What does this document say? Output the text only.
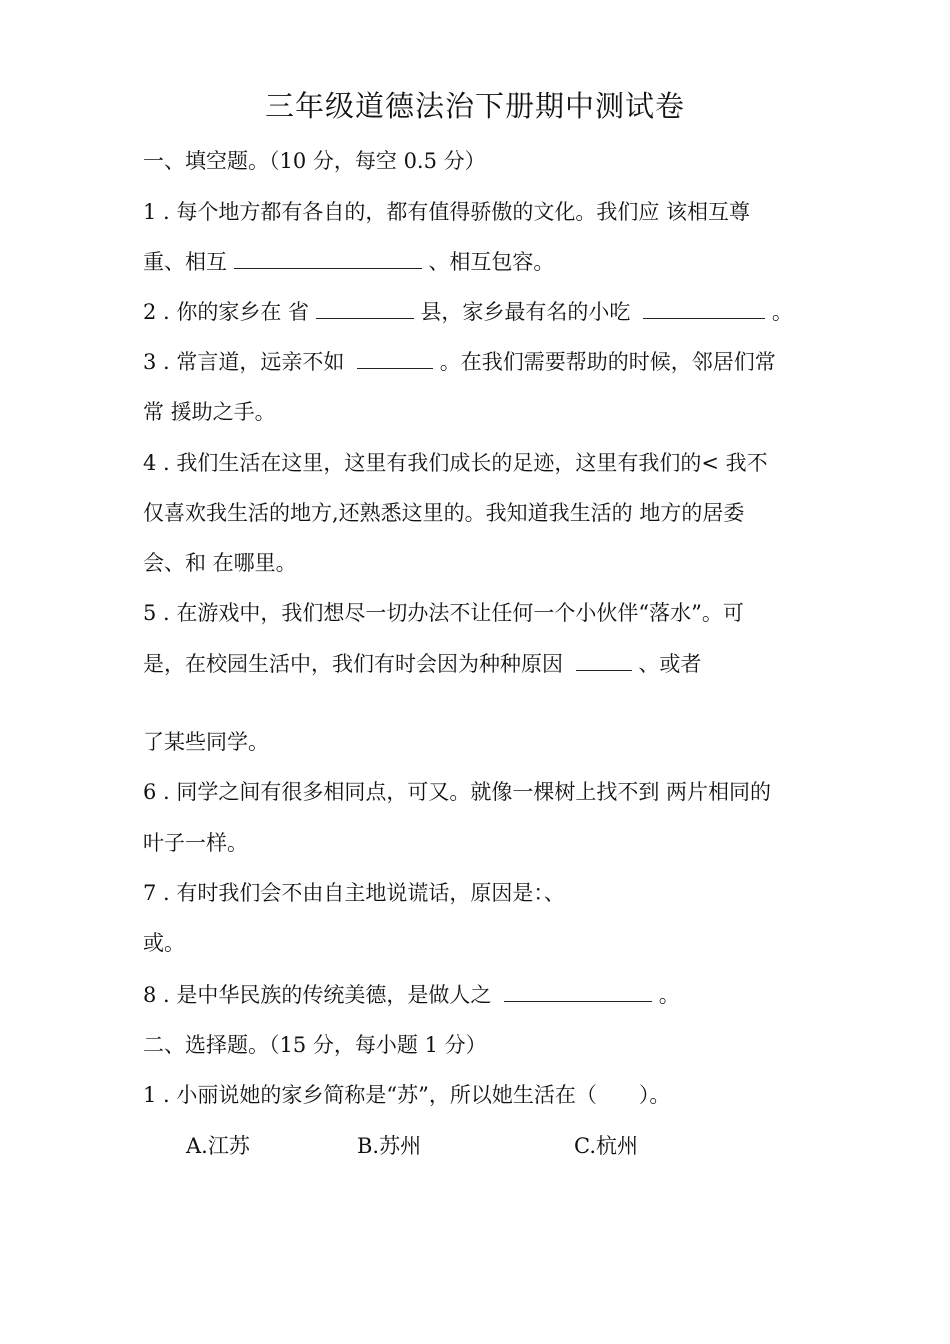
三年级道德法治下册期中测试卷
一、填空题。（10 分，每空 0.5 分）
1 . 每个地方都有各自的，都有值得骄傲的文化。我们应 该相互尊
重、相互	、相互包容。
2 . 你的家乡在 省	县，家乡最有名的小吃	。
3 . 常言道，远亲不如	。在我们需要帮助的时候，邻居们常
常 援助之手。
4 . 我们生活在这里，这里有我们成长的足迹，这里有我们的< 我不
仅喜欢我生活的地方,还熟悉这里的。我知道我生活的 地方的居委
会、和 在哪里。
5 . 在游戏中，我们想尽一切办法不让任何一个小伙伴“落水”。可
是，在校园生活中，我们有时会因为种种原因	、或者
了某些同学。
6 . 同学之间有很多相同点，可又。就像一棵树上找不到 两片相同的
叶子一样。
7 . 有时我们会不由自主地说谎话，原因是：、
或。
8 . 是中华民族的传统美德，是做人之	。
二、选择题。（15 分，每小题 1 分）
1 . 小丽说她的家乡简称是“苏”，所以她生活在（　　）。
A.江苏	B.苏州	C.杭州
